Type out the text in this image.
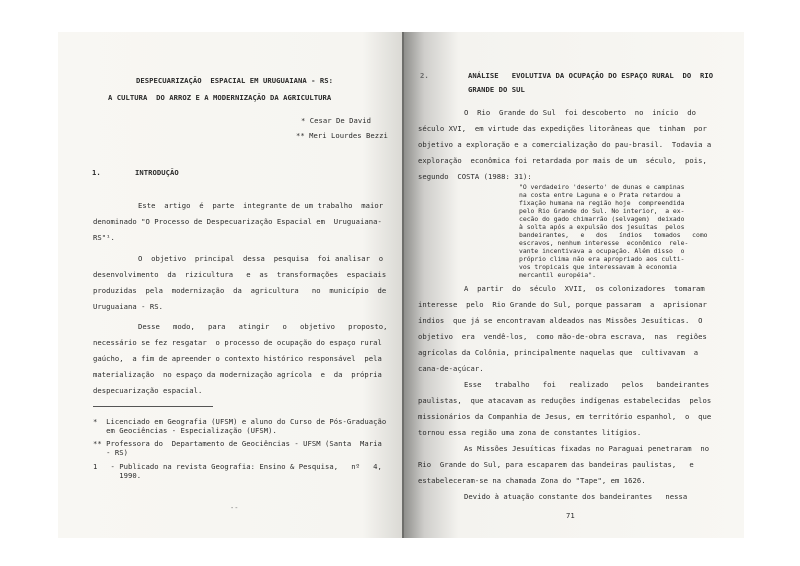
DESPECUARIZAÇÃO  ESPACIAL EM URUGUAIANA - RS:
A CULTURA  DO ARROZ E A MODERNIZAÇÃO DA AGRICULTURA
* Cesar De David
** Meri Lourdes Bezzi
1.	INTRODUÇÃO
Este  artigo  é  parte  integrante de um trabalho  maior
denominado "O Processo de Despecuarização Espacial em  Uruguaiana-
RS"¹.
O  objetivo  principal  dessa  pesquisa  foi analisar  o
desenvolvimento  da  rizicultura   e  as  transformações  espaciais
produzidas  pela  modernização  da  agricultura   no  município  de
Uruguaiana - RS.
Desse   modo,   para   atingir   o   objetivo   proposto,
necessário se fez resgatar  o processo de ocupação do espaço rural
gaúcho,  a fim de apreender o contexto histórico responsável  pela
materialização  no espaço da modernização agrícola  e  da  própria
despecuarização espacial.
*  Licenciado em Geografia (UFSM) e aluno do Curso de Pós-Graduação
em Geociências - Especialização (UFSM).
** Professora do  Departamento de Geociências - UFSM (Santa  Maria
- RS)
1   - Publicado na revista Geografia: Ensino & Pesquisa,   nº   4,
1990.
--
2.	ANÁLISE   EVOLUTIVA DA OCUPAÇÃO DO ESPAÇO RURAL  DO  RIO
GRANDE DO SUL
O  Rio  Grande do Sul  foi descoberto  no  início  do
século XVI,  em virtude das expedições litorâneas que  tinham  por
objetivo a exploração e a comercialização do pau-brasil.  Todavia a
exploração  econômica foi retardada por mais de um  século,  pois,
segundo  COSTA (1988: 31):
"O verdadeiro 'deserto' de dunas e campinas
na costa entre Laguna e o Prata retardou a
fixação humana na região hoje  compreendida
pelo Rio Grande do Sul. No interior,  a ex-
cecão do gado chimarrão (selvagem)  deixado
à solta após a expulsão dos jesuítas  pelos
bandeirantes,   e   dos   índios   tomados   como
escravos, nenhum interesse  econômico  rele-
vante incentivava a ocupação. Além disso  o
próprio clima não era apropriado aos culti-
vos tropicais que interessavam à economia
mercantil européia".
A  partir  do  século  XVII,  os colonizadores  tomaram
interesse  pelo  Rio Grande do Sul, porque passaram  a  aprisionar
índios  que já se encontravam aldeados nas Missões Jesuíticas.  O
objetivo  era  vendê-los,  como mão-de-obra escrava,  nas  regiões
agrícolas da Colônia, principalmente naquelas que  cultivavam  a
cana-de-açúcar.
Esse   trabalho   foi   realizado   pelos   bandeirantes
paulistas,  que atacavam as reduções indígenas estabelecidas  pelos
missionários da Companhia de Jesus, em território espanhol,  o  que
tornou essa região uma zona de constantes litígios.
As Missões Jesuíticas fixadas no Paraguai penetraram  no
Rio  Grande do Sul, para escaparem das bandeiras paulistas,   e
estabeleceram-se na chamada Zona do "Tape", em 1626.
Devido à atuação constante dos bandeirantes   nessa
71
